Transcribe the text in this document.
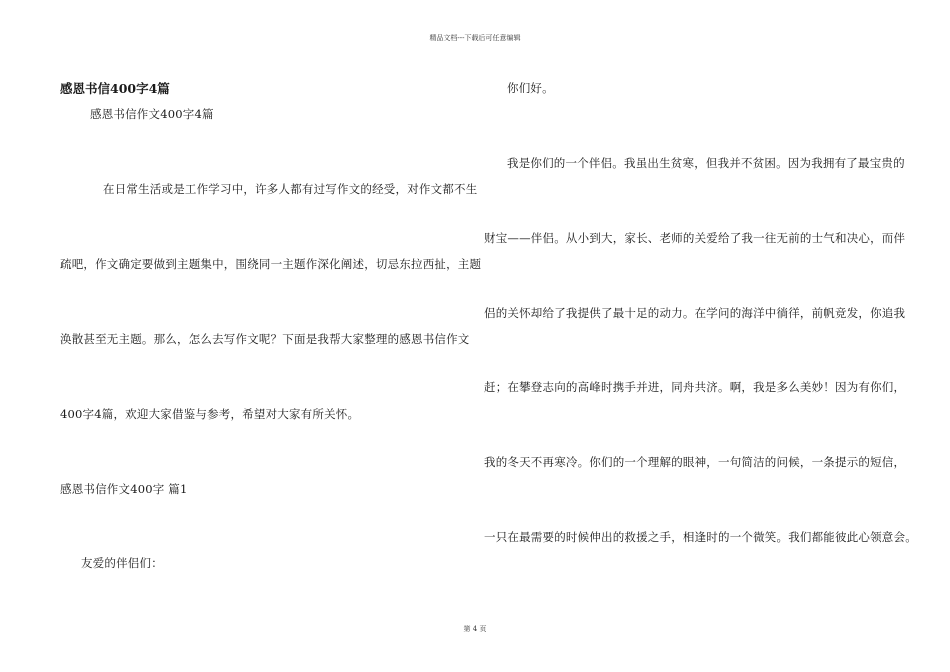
精品文档---下载后可任意编辑
感恩书信400字4篇
感恩书信作文400字4篇
在日常生活或是工作学习中，许多人都有过写作文的经受，对作文都不生
疏吧，作文确定要做到主题集中，围绕同一主题作深化阐述，切忌东拉西扯，主题
涣散甚至无主题。那么，怎么去写作文呢？下面是我帮大家整理的感恩书信作文
400字4篇，欢迎大家借鉴与参考，希望对大家有所关怀。
感恩书信作文400字 篇1
友爱的伴侣们：
你们好。
我是你们的一个伴侣。我虽出生贫寒，但我并不贫困。因为我拥有了最宝贵的
财宝——伴侣。从小到大，家长、老师的关爱给了我一往无前的士气和决心，而伴
侣的关怀却给了我提供了最十足的动力。在学问的海洋中徜徉，前帆竞发，你追我
赶；在攀登志向的高峰时携手并进，同舟共济。啊，我是多么美妙！因为有你们，
我的冬天不再寒冷。你们的一个理解的眼神，一句简洁的问候，一条提示的短信，
一只在最需要的时候伸出的救援之手，相逢时的一个微笑。我们都能彼此心领意会。
第 4 页
